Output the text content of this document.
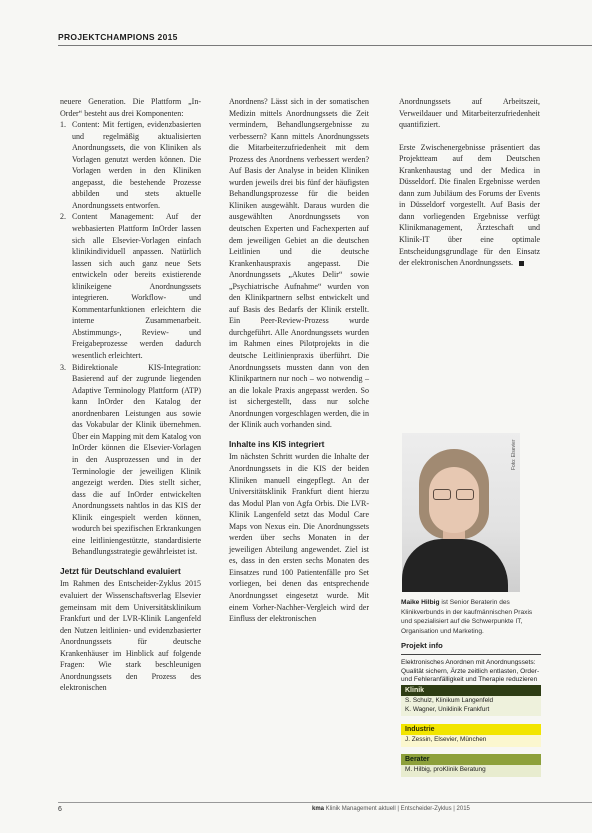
PROJEKTCHAMPIONS 2015

neuere Generation. Die Plattform „In-Order“ besteht aus drei Komponenten:

1. Content: Mit fertigen, evidenzbasierten und regelmäßig aktualisierten Anordnungssets, die von Kliniken als Vorlagen genutzt werden können. Die Vorlagen werden in den Kliniken angepasst, die bestehende Prozesse abbilden und stets aktuelle Anordnungssets entworfen.
2. Content Management: Auf der webbasierten Plattform InOrder lassen sich alle Elsevier-Vorlagen einfach klinikindividuell anpassen. Natürlich lassen sich auch ganz neue Sets entwickeln oder bereits existierende klinikeigene Anordnungssets integrieren. Workflow- und Kommentarfunktionen erleichtern die interne Zusammenarbeit. Abstimmungs-, Review- und Freigabeprozesse werden dadurch wesentlich erleichtert.
3. Bidirektionale KIS-Integration: Basierend auf der zugrunde liegenden Adaptive Terminology Plattform (ATP) kann InOrder den Katalog der anordnenbaren Leistungen aus sowie das Vokabular der Klinik übernehmen. Über ein Mapping mit dem Katalog von InOrder können die Elsevier-Vorlagen in den Ausprozessen und in der Terminologie der jeweiligen Klinik angezeigt werden. Dies stellt sicher, dass die auf InOrder entwickelten Anordnungssets nahtlos in das KIS der Klinik eingespielt werden können, wodurch bei spezifischen Erkrankungen eine leitliniengestützte, standardisierte Behandlungsstrategie gewährleistet ist.
Jetzt für Deutschland evaluiert

Im Rahmen des Entscheider-Zyklus 2015 evaluiert der Wissenschaftsverlag Elsevier gemeinsam mit dem Universitätsklinikum Frankfurt und der LVR-Klinik Langenfeld den Nutzen leitlinien- und evidenzbasierter Anordnungssets für deutsche Krankenhäuser im Hinblick auf folgende Fragen: Wie stark beschleunigen Anordnungssets den Prozess des elektronischen

Anordnens? Lässt sich in der somatischen Medizin mittels Anordnungssets die Zeit vermindern, Behandlungsergebnisse zu verbessern? Kann mittels Anordnungssets die Mitarbeiterzufriedenheit mit dem Prozess des Anordnens verbessert werden? Auf Basis der Analyse in beiden Kliniken wurden jeweils drei bis fünf der häufigsten Behandlungsprozesse für die beiden Kliniken ausgewählt. Daraus wurden die ausgewählten Anordnungssets von deutschen Experten und Fachexperten auf dem jeweiligen Gebiet an die deutschen Leitlinien und die deutsche Krankenhauspraxis angepasst. Die Anordnungssets „Akutes Delir“ sowie „Psychiatrische Aufnahme“ wurden von den Klinikpartnern selbst entwickelt und auf Basis des Bedarfs der Klinik erstellt. Ein Peer-Review-Prozess wurde durchgeführt. Alle Anordnungssets wurden im Rahmen eines Pilotprojekts in die deutsche Leitlinienpraxis überführt. Die Anordnungssets mussten dann von den Klinikpartnern nur noch – wo notwendig – an die lokale Praxis angepasst werden. So ist sichergestellt, dass nur solche Anordnungen vorgeschlagen werden, die in der Klinik auch vorhanden sind.

Inhalte ins KIS integriert

Im nächsten Schritt wurden die Inhalte der Anordnungssets in die KIS der beiden Kliniken manuell eingepflegt. An der Universitätsklinik Frankfurt dient hierzu das Modul Plan von Agfa Orbis. Die LVR-Klinik Langenfeld setzt das Modul Care Maps von Nexus ein. Die Anordnungssets werden über sechs Monaten in der jeweiligen Abteilung angewendet. Ziel ist es, dass in den ersten sechs Monaten des Einsatzes rund 100 Patientenfälle pro Set vorliegen, bei denen das entsprechende Anordnungsset eingesetzt wurde. Mit einem Vorher-Nachher-Vergleich wird der Einfluss der elektronischen

Anordnungssets auf Arbeitszeit, Verweildauer und Mitarbeiterzufriedenheit quantifiziert.

Erste Zwischenergebnisse präsentiert das Projektteam auf dem Deutschen Krankenhaustag und der Medica in Düsseldorf. Die finalen Ergebnisse werden dann zum Jubiläum des Forums der Events in Düsseldorf vorgestellt. Auf Basis der dann vorliegenden Ergebnisse verfügt Klinikmanagement, Ärzteschaft und Klinik-IT über eine optimale Entscheidungsgrundlage für den Einsatz der elektronischen Anordnungssets.

Foto: Elsevier
Maike Hilbig ist Senior Beraterin des Klinikverbunds in der kaufmännischen Praxis und spezialisiert auf die Schwerpunkte IT, Organisation und Marketing.
Projekt info
Elektronisches Anordnen mit Anordnungssets: Qualität sichern, Ärzte zeitlich entlasten, Order- und Fehleranfälligkeit und Therapie reduzieren
Klinik
S. Schulz, Klinikum Langenfeld
K. Wagner, Uniklinik Frankfurt
Industrie
J. Zessin, Elsevier, München
Berater
M. Hilbig, proKlinik Beratung
6	kma Klinik Management aktuell | Entscheider-Zyklus | 2015
